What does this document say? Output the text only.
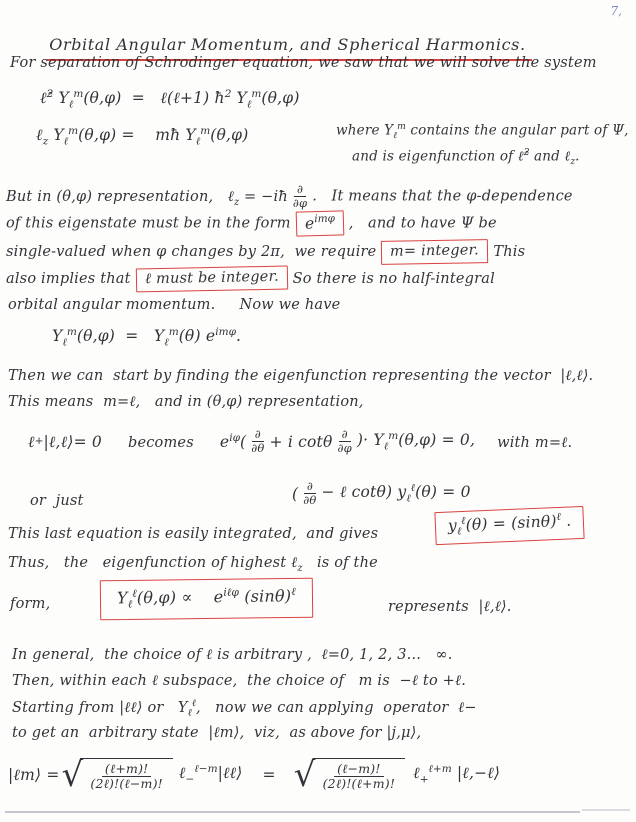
7,

Orbital Angular Momentum, and Spherical Harmonics.

For separation of Schrodinger equation, we saw that we will solve the system
ℓ̂$^2$ $Y_\ell^m(\theta,\varphi)$  =   ℓ(ℓ+1) $ħ^2$ $Y_\ell^m(\theta,\varphi)$
ℓ$_z$ $Y_\ell^m(\theta,\varphi)$ =    mħ $Y_\ell^m(\theta,\varphi)$	where $Y_\ell^m$ contains the angular part of Ψ,
and is eigenfunction of ℓ̂$^2$ and ℓ$_z$.
But in (θ,φ) representation,   ℓ$_z$ = −iħ $\frac{\partial}{\partial\varphi}$ .   It means that the φ-dependence
of this eigenstate must be in the form $e^{im\varphi}$ ,   and to have Ψ be
single-valued when φ changes by 2π,  we require m= integer. This
also implies that ℓ must be integer. So there is no half-integral
orbital angular momentum.     Now we have
$Y_\ell^m(\theta,\varphi) = Y_\ell^m(\theta)$ $e^{im\varphi}$.
Then we can  start by finding the eigenfunction representing the vector  |ℓ,ℓ⟩.
This means  m=ℓ,   and in (θ,φ) representation,
ℓ + |ℓ,ℓ⟩= 0 becomes $e^{i\varphi}( \frac{\partial}{\partial\theta} + i$ cotθ $\frac{\partial}{\partial\varphi}$ )· $Y_\ell^m(\theta,\varphi) = 0$, with m=ℓ.
or  just	( $\frac{\partial}{\partial\theta}$ − ℓ cotθ) $y_\ell^\ell(\theta) = 0$
This last equation is easily integrated,  and gives	$y_\ell^\ell(\theta) = (\sin\theta)^\ell$ .
Thus,   the   eigenfunction of highest ℓ$_z$   is of the
form,	$Y_\ell^\ell(\theta,\varphi)$ ∝    $e^{i\ell\varphi}$ $(\sin\theta)^\ell$
represents  |ℓ,ℓ⟩.
In general,  the choice of ℓ is arbitrary ,  ℓ=0, 1, 2, 3...   ∞.
Then, within each ℓ subspace,  the choice of   m is  −ℓ to +ℓ.
Starting from |ℓℓ⟩ or   $Y_\ell^\ell$,   now we can applying  operator  ℓ−
to get an  arbitrary state  |ℓm⟩,  viz,  as above for |j,μ⟩,
|ℓm⟩ = √ $\frac{\text{(ℓ+m)!}}{\text{(2ℓ)!(ℓ−m)!}}$ ℓ$_-^{\ell-m}$|ℓℓ⟩ = √ $\frac{\text{(ℓ−m)!}}{\text{(2ℓ)!(ℓ+m)!}}$ ℓ$_+^{\ell+m}$ |ℓ,−ℓ⟩
